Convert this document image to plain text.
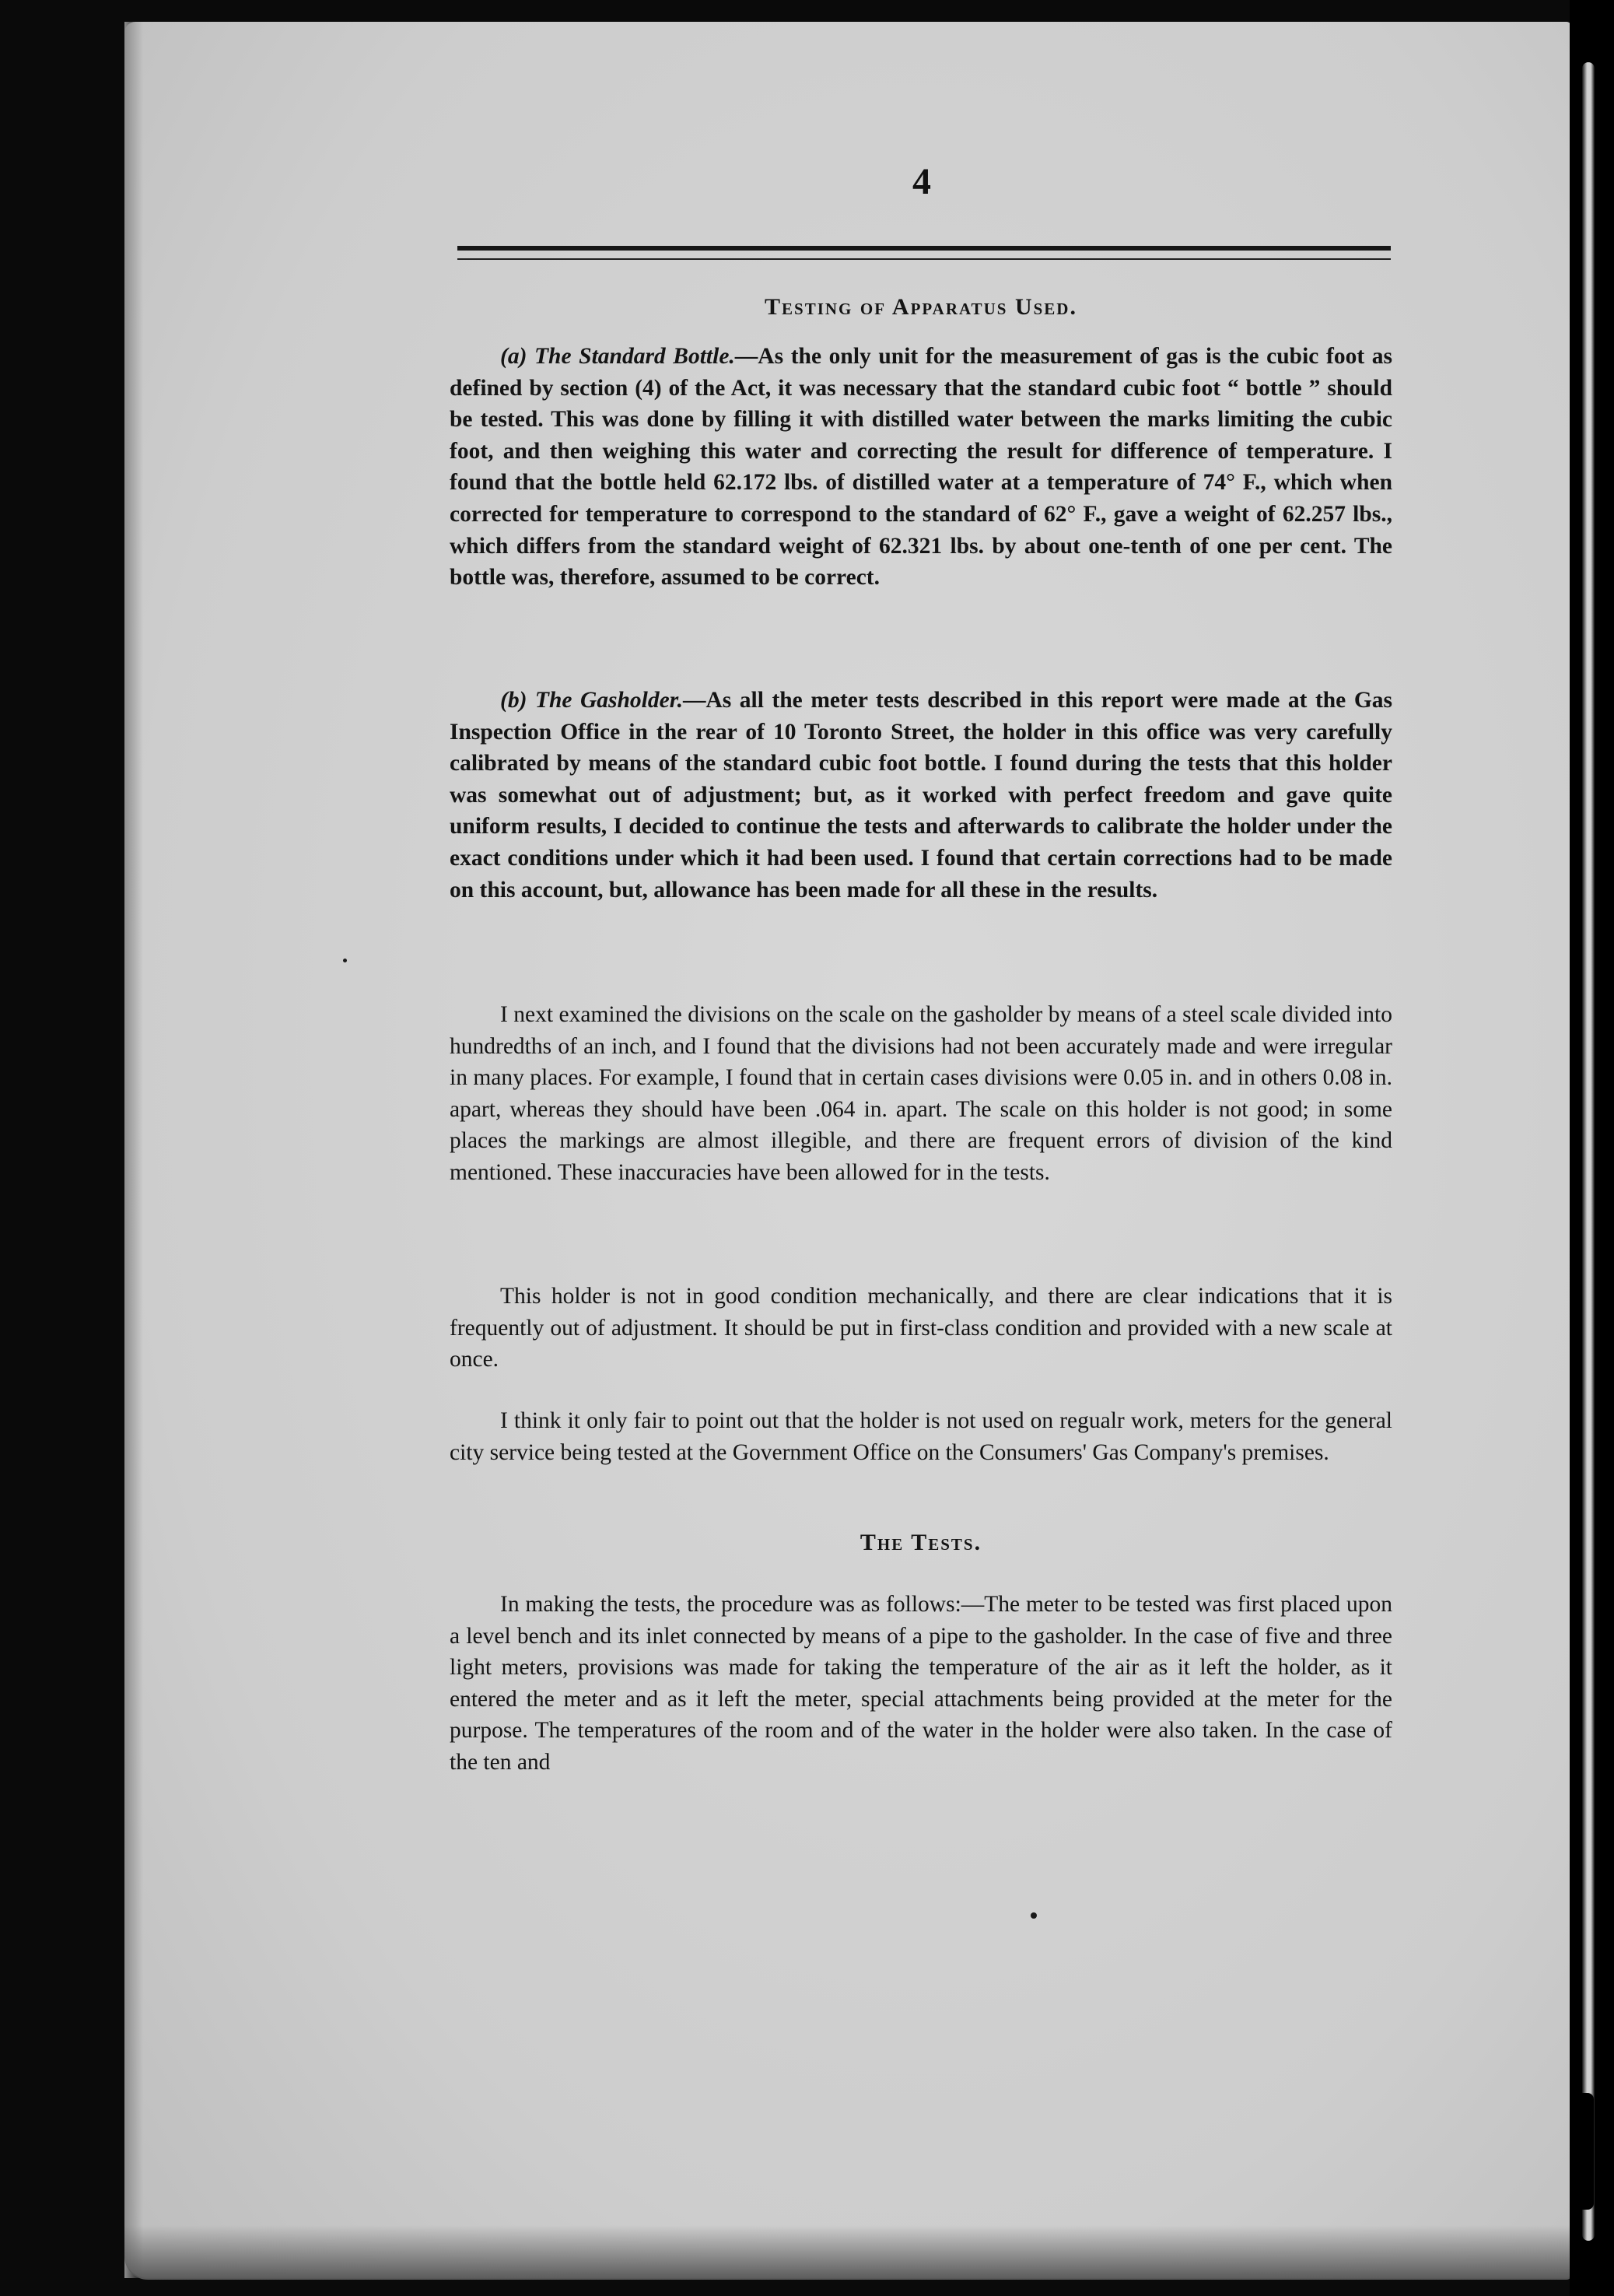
4
Testing of Apparatus Used.

(a) The Standard Bottle.—As the only unit for the measurement of gas is the cubic foot as defined by section (4) of the Act, it was necessary that the standard cubic foot “ bottle ” should be tested. This was done by filling it with distilled water between the marks limiting the cubic foot, and then weighing this water and correcting the result for difference of temperature. I found that the bottle held 62.172 lbs. of distilled water at a temperature of 74° F., which when corrected for temperature to correspond to the standard of 62° F., gave a weight of 62.257 lbs., which differs from the standard weight of 62.321 lbs. by about one-tenth of one per cent. The bottle was, therefore, assumed to be correct.

(b) The Gasholder.—As all the meter tests described in this report were made at the Gas Inspection Office in the rear of 10 Toronto Street, the holder in this office was very carefully calibrated by means of the standard cubic foot bottle. I found during the tests that this holder was somewhat out of adjustment; but, as it worked with perfect freedom and gave quite uniform results, I decided to continue the tests and afterwards to calibrate the holder under the exact conditions under which it had been used. I found that certain corrections had to be made on this account, but, allowance has been made for all these in the results.

I next examined the divisions on the scale on the gasholder by means of a steel scale divided into hundredths of an inch, and I found that the divisions had not been accurately made and were irregular in many places. For example, I found that in certain cases divisions were 0.05 in. and in others 0.08 in. apart, whereas they should have been .064 in. apart. The scale on this holder is not good; in some places the markings are almost illegible, and there are frequent errors of division of the kind mentioned. These inaccuracies have been allowed for in the tests.

This holder is not in good condition mechanically, and there are clear indications that it is frequently out of adjustment. It should be put in first-class condition and provided with a new scale at once.

I think it only fair to point out that the holder is not used on regualr work, meters for the general city service being tested at the Government Office on the Consumers' Gas Company's premises.

The Tests.

In making the tests, the procedure was as follows:—The meter to be tested was first placed upon a level bench and its inlet connected by means of a pipe to the gasholder. In the case of five and three light meters, provisions was made for taking the temperature of the air as it left the holder, as it entered the meter and as it left the meter, special attachments being provided at the meter for the purpose. The temperatures of the room and of the water in the holder were also taken. In the case of the ten and
